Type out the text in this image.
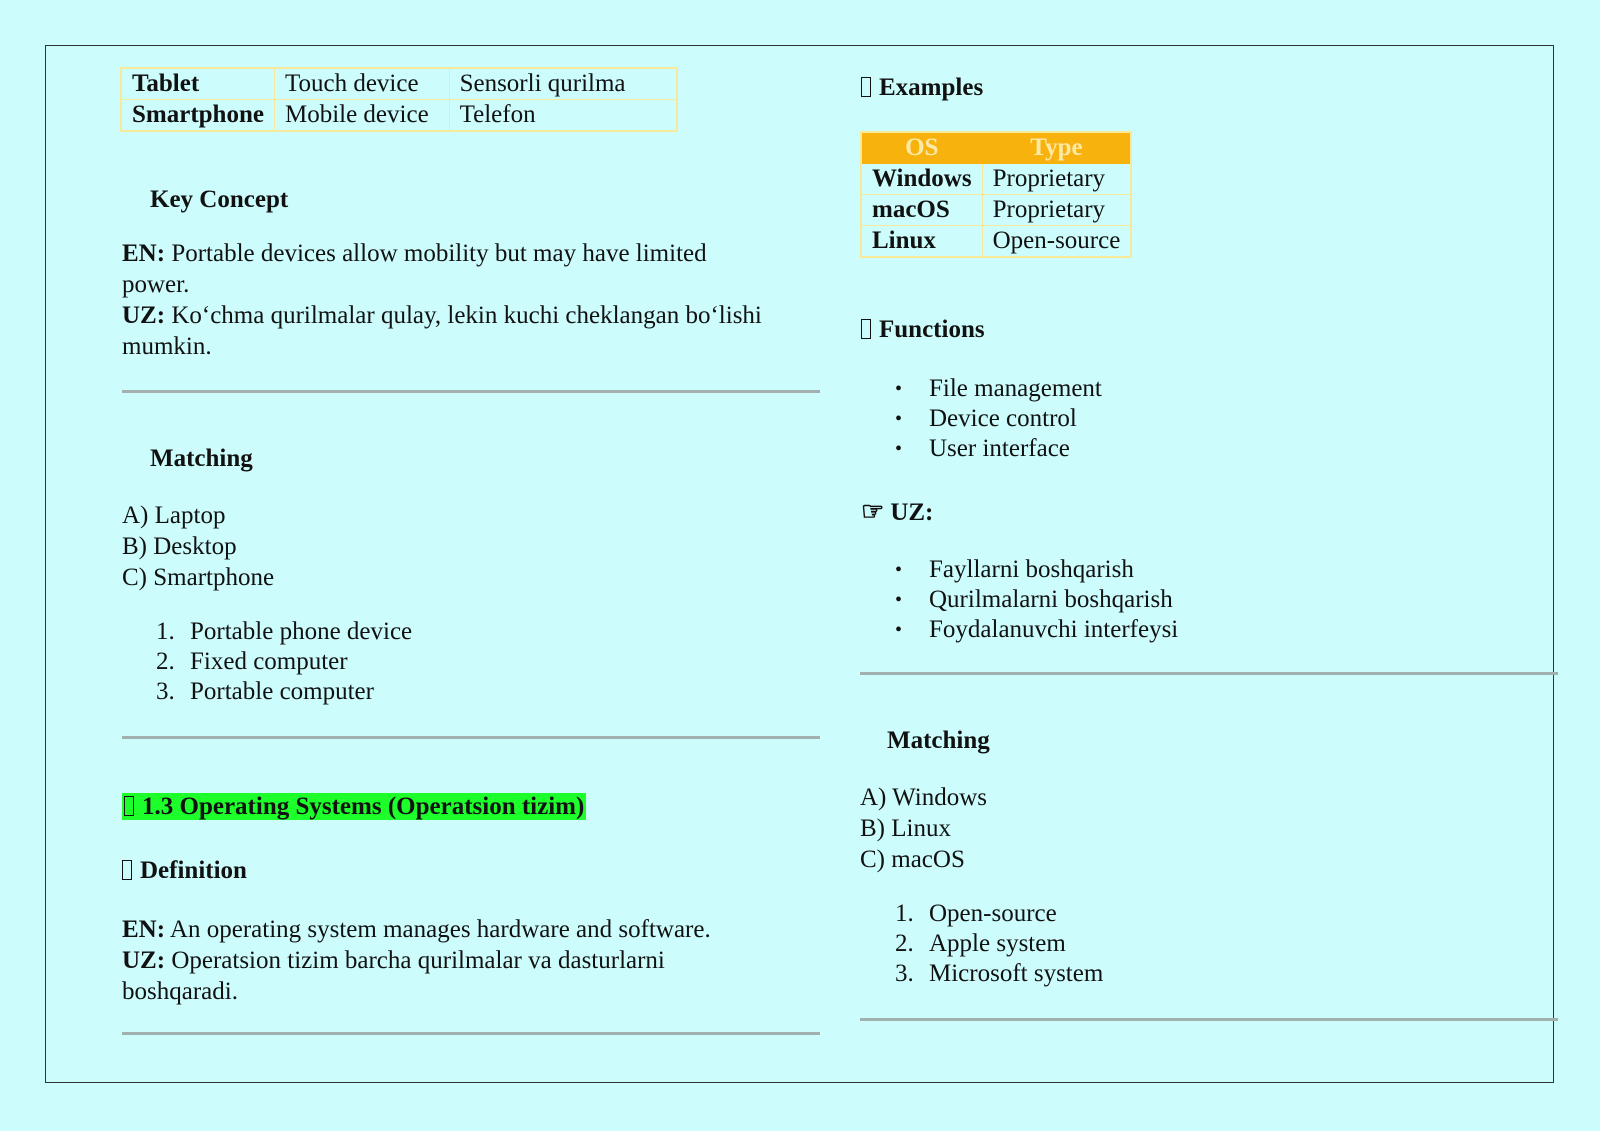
Tablet	Touch device	Sensorli qurilma
Smartphone	Mobile device	Telefon
Key Concept
EN: Portable devices allow mobility but may have limited power.
UZ: Koʻchma qurilmalar qulay, lekin kuchi cheklangan boʻlishi mumkin.
Matching
A) Laptop
B) Desktop
C) Smartphone
1. Portable phone device
2. Fixed computer
3. Portable computer
1.3 Operating Systems (Operatsion tizim)
Definition
EN: An operating system manages hardware and software.
UZ: Operatsion tizim barcha qurilmalar va dasturlarni boshqaradi.
Examples
OS	Type
Windows	Proprietary
macOS	Proprietary
Linux	Open-source
Functions
• File management
• Device control
• User interface
☞ UZ:
• Fayllarni boshqarish
• Qurilmalarni boshqarish
• Foydalanuvchi interfeysi
Matching
A) Windows
B) Linux
C) macOS
1. Open-source
2. Apple system
3. Microsoft system
